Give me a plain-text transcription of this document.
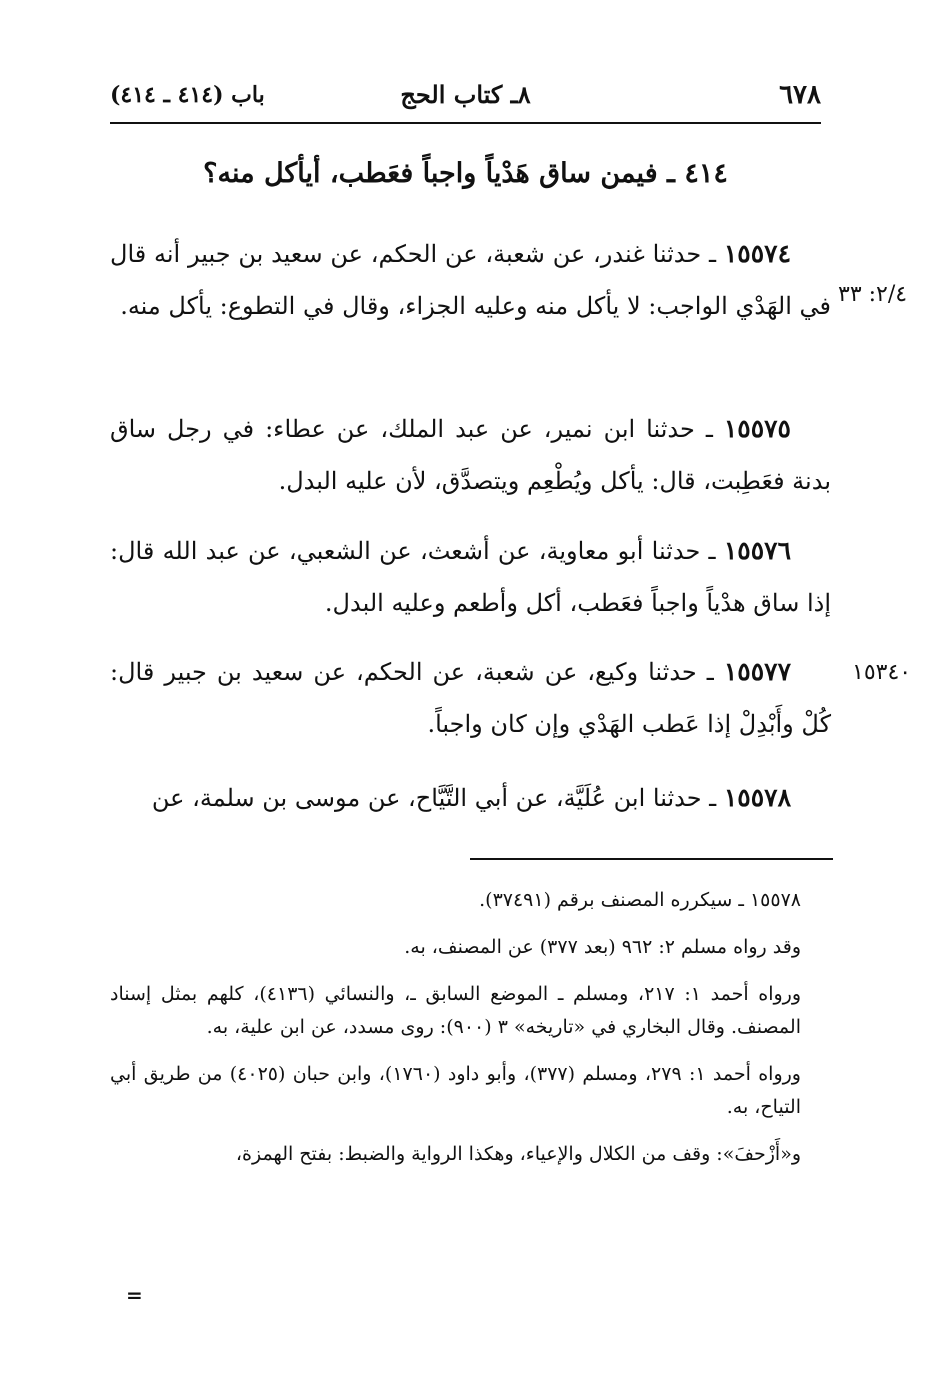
٦٧٨
٨ـ كتاب الحج
باب (٤١٤ ـ ٤١٤)
٤١٤ ـ فيمن ساق هَدْياً واجباً فعَطب، أيأكل منه؟
١٥٥٧٤ ـ حدثنا غندر، عن شعبة، عن الحكم، عن سعيد بن جبير أنه قال في الهَدْي الواجب: لا يأكل منه وعليه الجزاء، وقال في التطوع: يأكل منه. ٢/٤: ٣٣
١٥٥٧٥ ـ حدثنا ابن نمير، عن عبد الملك، عن عطاء: في رجل ساق بدنة فعَطِبت، قال: يأكل ويُطْعِم ويتصدَّق، لأن عليه البدل.
١٥٥٧٦ ـ حدثنا أبو معاوية، عن أشعث، عن الشعبي، عن عبد الله قال: إذا ساق هدْياً واجباً فعَطب، أكل وأطعم وعليه البدل.
١٥٥٧٧ ـ حدثنا وكيع، عن شعبة، عن الحكم، عن سعيد بن جبير قال: كُلْ وأَبْدِلْ إذا عَطب الهَدْي وإن كان واجباً.
١٥٣٤٠
١٥٥٧٨ ـ حدثنا ابن عُلَيَّة، عن أبي التَّيَّاح، عن موسى بن سلمة، عن

١٥٥٧٨ ـ سيكرره المصنف برقم (٣٧٤٩١).

وقد رواه مسلم ٢: ٩٦٢ (بعد ٣٧٧) عن المصنف، به.

ورواه أحمد ١: ٢١٧، ومسلم ـ الموضع السابق ـ، والنسائي (٤١٣٦)، كلهم بمثل إسناد المصنف. وقال البخاري في «تاريخه» ٣ (٩٠٠): روى مسدد، عن ابن علية، به.

ورواه أحمد ١: ٢٧٩، ومسلم (٣٧٧)، وأبو داود (١٧٦٠)، وابن حبان (٤٠٢٥) من طريق أبي التياح، به.

و«أَزْحفَ»: وقف من الكلال والإعياء، وهكذا الرواية والضبط: بفتح الهمزة،

=
